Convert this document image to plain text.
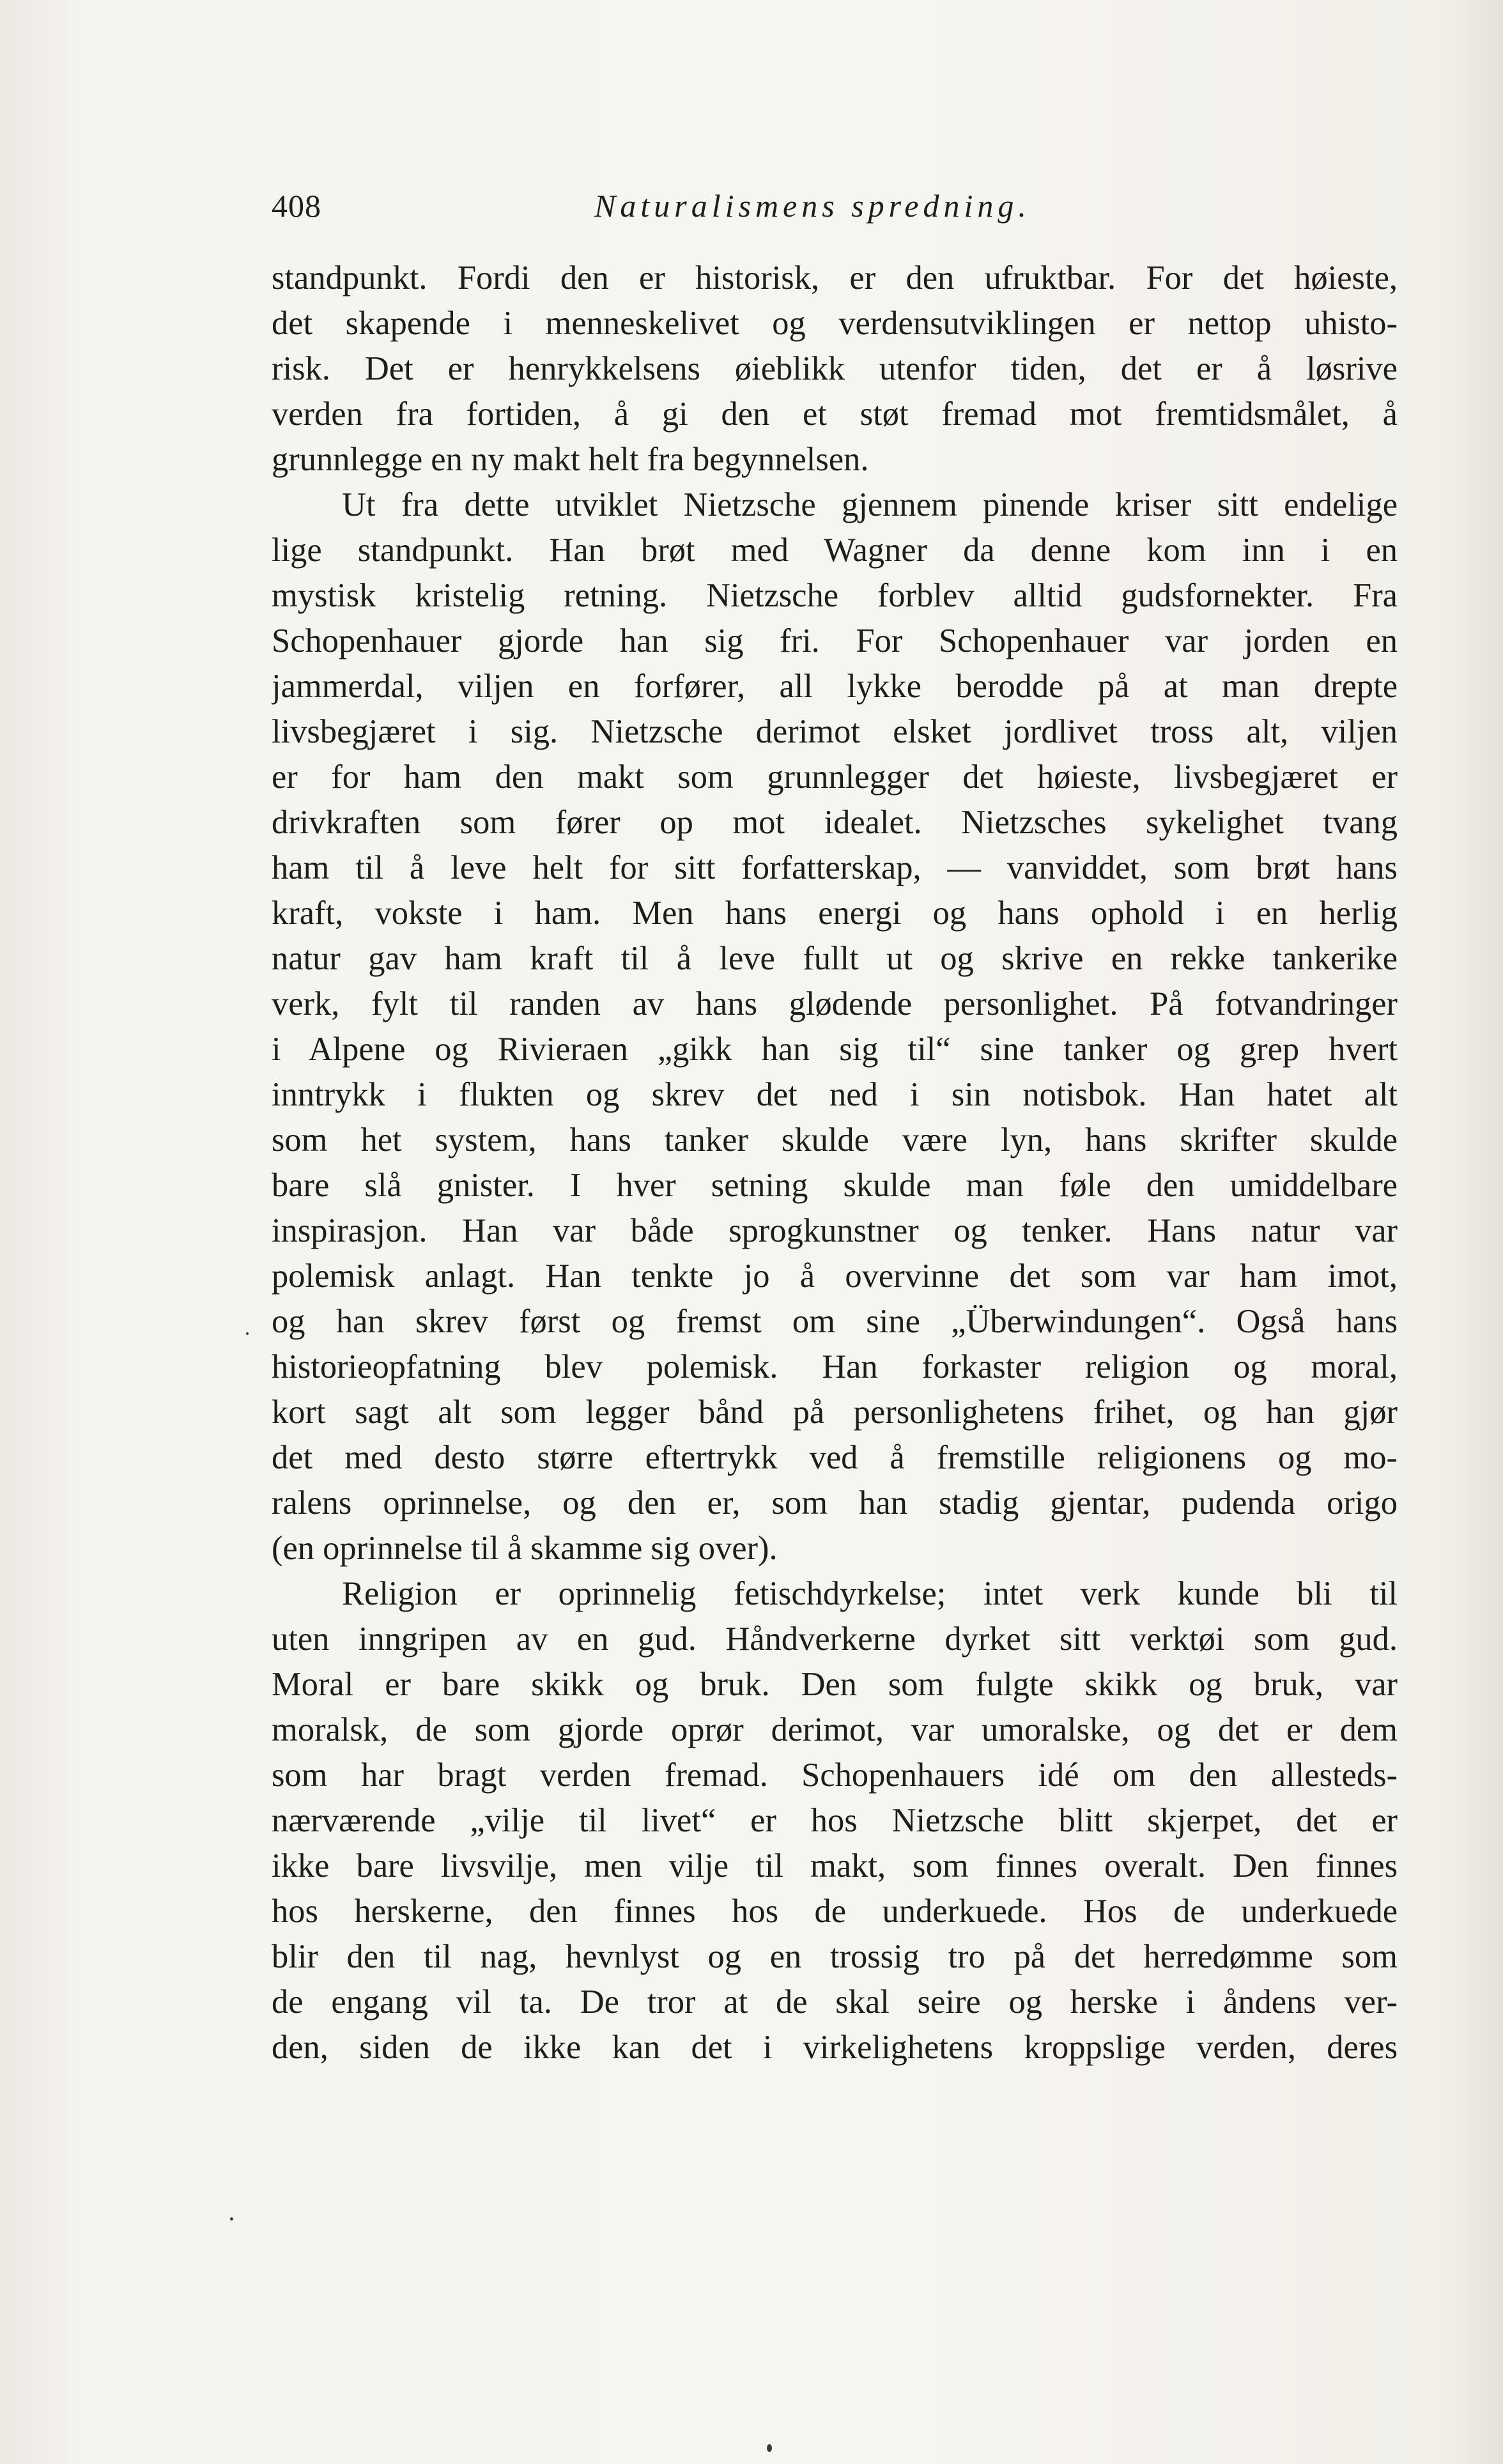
408	Naturalismens spredning.
standpunkt. Fordi den er historisk, er den ufruktbar. For det høieste,
det skapende i menneskelivet og verdensutviklingen er nettop uhisto-
risk. Det er henrykkelsens øieblikk utenfor tiden, det er å løsrive
verden fra fortiden, å gi den et støt fremad mot fremtidsmålet, å
grunnlegge en ny makt helt fra begynnelsen.
Ut fra dette utviklet Nietzsche gjennem pinende kriser sitt endelige
lige standpunkt. Han brøt med Wagner da denne kom inn i en
mystisk kristelig retning. Nietzsche forblev alltid gudsfornekter. Fra
Schopenhauer gjorde han sig fri. For Schopenhauer var jorden en
jammerdal, viljen en forfører, all lykke berodde på at man drepte
livsbegjæret i sig. Nietzsche derimot elsket jordlivet tross alt, viljen
er for ham den makt som grunnlegger det høieste, livsbegjæret er
drivkraften som fører op mot idealet. Nietzsches sykelighet tvang
ham til å leve helt for sitt forfatterskap, — vanviddet, som brøt hans
kraft, vokste i ham. Men hans energi og hans ophold i en herlig
natur gav ham kraft til å leve fullt ut og skrive en rekke tankerike
verk, fylt til randen av hans glødende personlighet. På fotvandringer
i Alpene og Rivieraen „gikk han sig til“ sine tanker og grep hvert
inntrykk i flukten og skrev det ned i sin notisbok. Han hatet alt
som het system, hans tanker skulde være lyn, hans skrifter skulde
bare slå gnister. I hver setning skulde man føle den umiddelbare
inspirasjon. Han var både sprogkunstner og tenker. Hans natur var
polemisk anlagt. Han tenkte jo å overvinne det som var ham imot,
og han skrev først og fremst om sine „Überwindungen“. Også hans
historieopfatning blev polemisk. Han forkaster religion og moral,
kort sagt alt som legger bånd på personlighetens frihet, og han gjør
det med desto større eftertrykk ved å fremstille religionens og mo-
ralens oprinnelse, og den er, som han stadig gjentar, pudenda origo
(en oprinnelse til å skamme sig over).
Religion er oprinnelig fetischdyrkelse; intet verk kunde bli til
uten inngripen av en gud. Håndverkerne dyrket sitt verktøi som gud.
Moral er bare skikk og bruk. Den som fulgte skikk og bruk, var
moralsk, de som gjorde oprør derimot, var umoralske, og det er dem
som har bragt verden fremad. Schopenhauers idé om den allesteds-
nærværende „vilje til livet“ er hos Nietzsche blitt skjerpet, det er
ikke bare livsvilje, men vilje til makt, som finnes overalt. Den finnes
hos herskerne, den finnes hos de underkuede. Hos de underkuede
blir den til nag, hevnlyst og en trossig tro på det herredømme som
de engang vil ta. De tror at de skal seire og herske i åndens ver-
den, siden de ikke kan det i virkelighetens kroppslige verden, deres
